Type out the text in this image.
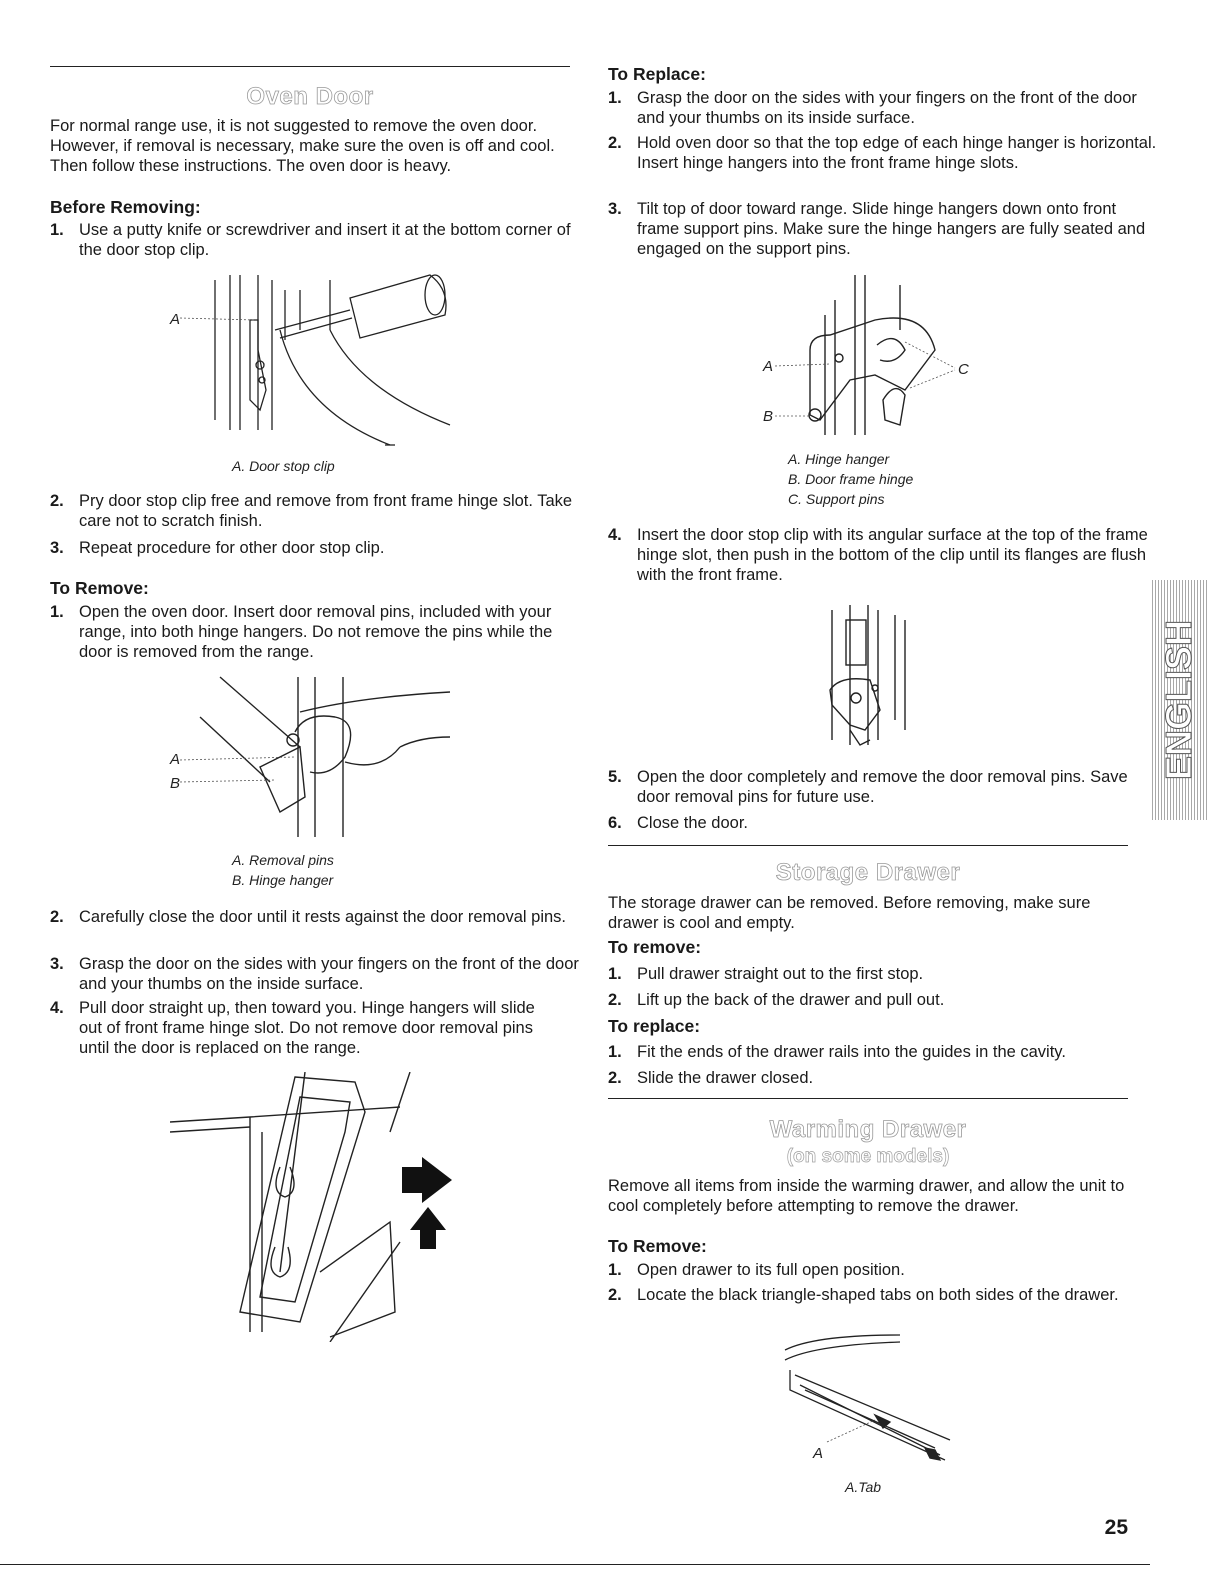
Oven Door
For normal range use, it is not suggested to remove the oven door. However, if removal is necessary, make sure the oven is off and cool. Then follow these instructions. The oven door is heavy.
Before Removing:
1. Use a putty knife or screwdriver and insert it at the bottom corner of the door stop clip.
A
A. Door stop clip
2. Pry door stop clip free and remove from front frame hinge slot. Take care not to scratch finish.
3. Repeat procedure for other door stop clip.
To Remove:
1. Open the oven door. Insert door removal pins, included with your range, into both hinge hangers. Do not remove the pins while the door is removed from the range.
A
B
A. Removal pins
B. Hinge hanger
2. Carefully close the door until it rests against the door removal pins.
3. Grasp the door on the sides with your fingers on the front of the door and your thumbs on the inside surface.
4. Pull door straight up, then toward you. Hinge hangers will slide out of front frame hinge slot. Do not remove door removal pins until the door is replaced on the range.
To Replace:
1. Grasp the door on the sides with your fingers on the front of the door and your thumbs on its inside surface.
2. Hold oven door so that the top edge of each hinge hanger is horizontal. Insert hinge hangers into the front frame hinge slots.
3. Tilt top of door toward range. Slide hinge hangers down onto front frame support pins. Make sure the hinge hangers are fully seated and engaged on the support pins.
A
B
C
A. Hinge hanger
B. Door frame hinge
C. Support pins
4. Insert the door stop clip with its angular surface at the top of the frame hinge slot, then push in the bottom of the clip until its flanges are flush with the front frame.
5. Open the door completely and remove the door removal pins. Save door removal pins for future use.
6. Close the door.
Storage Drawer
The storage drawer can be removed. Before removing, make sure drawer is cool and empty.
To remove:
1. Pull drawer straight out to the first stop.
2. Lift up the back of the drawer and pull out.
To replace:
1. Fit the ends of the drawer rails into the guides in the cavity.
2. Slide the drawer closed.
Warming Drawer
(on some models)
Remove all items from inside the warming drawer, and allow the unit to cool completely before attempting to remove the drawer.
To Remove:
1. Open drawer to its full open position.
2. Locate the black triangle-shaped tabs on both sides of the drawer.
A
A.Tab
ENGLISH
25
